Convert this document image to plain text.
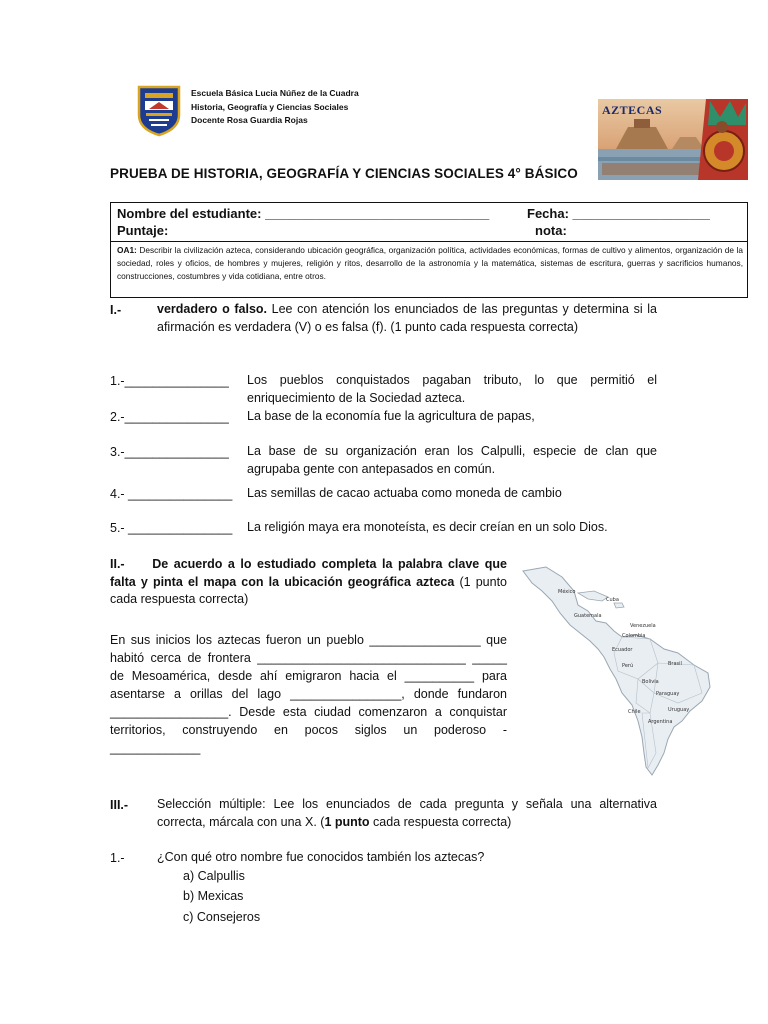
Escuela Básica Lucia Núñez de la Cuadra
Historia, Geografía y Ciencias Sociales
Docente Rosa Guardia Rojas
AZTECAS
PRUEBA DE HISTORIA, GEOGRAFÍA Y CIENCIAS SOCIALES 4° BÁSICO
Nombre del estudiante: _______________________________	Fecha: ___________________
Puntaje:	nota:
OA1: Describir la civilización azteca, considerando ubicación geográfica, organización política, actividades económicas, formas de cultivo y alimentos, organización de la sociedad, roles y oficios, de hombres y mujeres, religión y ritos, desarrollo de la astronomía y la matemática, sistemas de escritura, guerras y sacrificios humanos, construcciones, costumbres y vida cotidiana, entre otros.
I.-	verdadero o falso. Lee con atención los enunciados de las preguntas y determina si la afirmación es verdadera (V) o es falsa (f). (1 punto cada respuesta correcta)
1.-_______________ Los pueblos conquistados pagaban tributo, lo que permitió el enriquecimiento de la Sociedad azteca.
2.-_______________ La base de la economía fue la agricultura de papas,
3.-_______________ La base de su organización eran los Calpulli, especie de clan que agrupaba gente con antepasados en común.
4.- _______________ Las semillas de cacao actuaba como moneda de cambio
5.- _______________ La religión maya era monoteísta, es decir creían en un solo Dios.
II.- De acuerdo a lo estudiado completa la palabra clave que falta y pinta el mapa con la ubicación geográfica azteca (1 punto cada respuesta correcta)
En sus inicios los aztecas fueron un pueblo ________________ que
habitó cerca de frontera ______________________________ _____
de Mesoamérica, desde ahí emigraron hacia el __________ para
asentarse a orillas del lago ________________, donde fundaron
_________________. Desde esta ciudad comenzaron a conquistar
territorios, construyendo en pocos siglos un poderoso -
_____________
México
Cuba
Guatemala
Venezuela
Colombia
Ecuador
Perú	Brasil
Bolivia
Paraguay
Chile
Argentina
Uruguay
III.- Selección múltiple: Lee los enunciados de cada pregunta y señala una alternativa correcta, márcala con una X. (1 punto cada respuesta correcta)
1.-	¿Con qué otro nombre fue conocidos también los aztecas?
a) Calpullis
b) Mexicas
c) Consejeros
